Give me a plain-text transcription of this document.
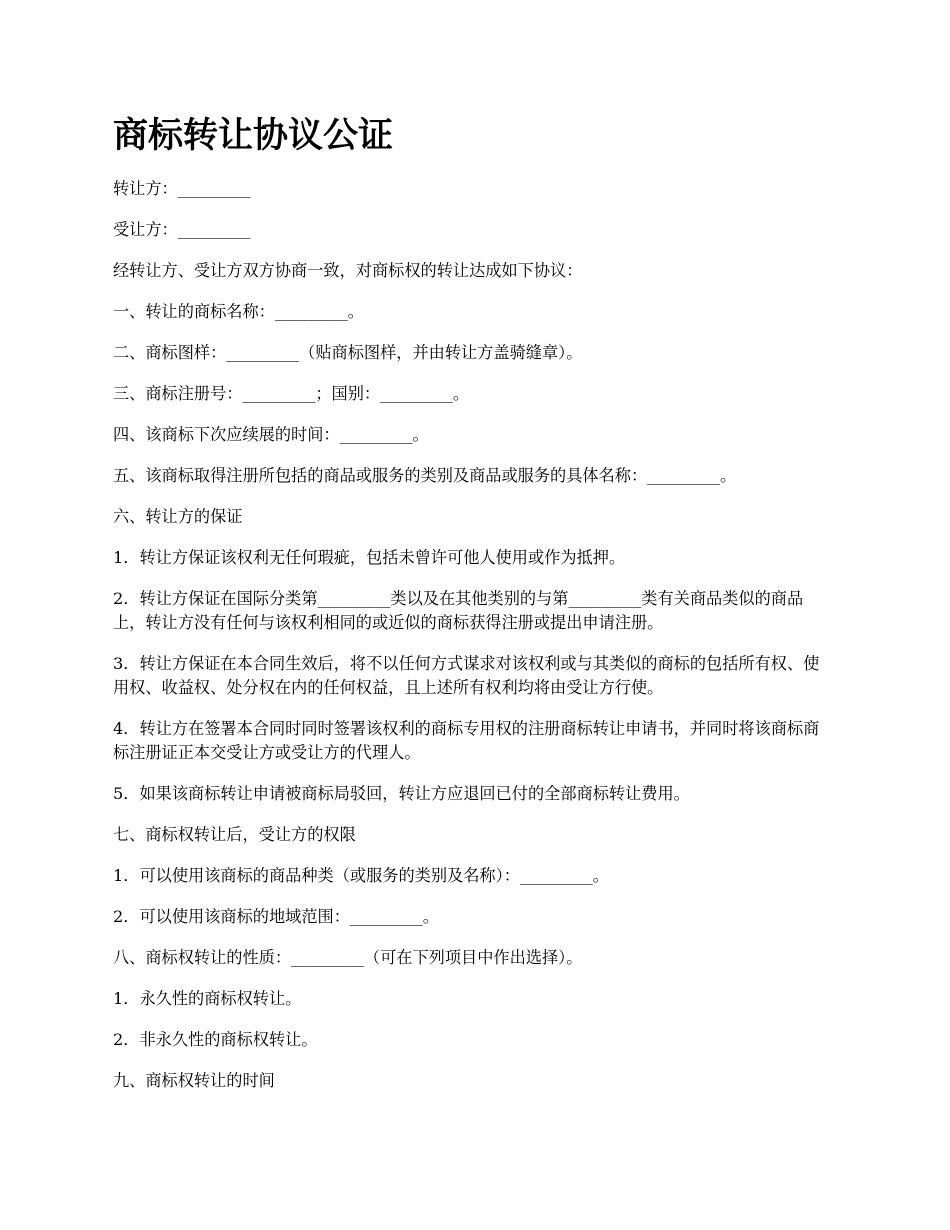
商标转让协议公证

转让方：_________

受让方：_________

经转让方、受让方双方协商一致，对商标权的转让达成如下协议：

一、转让的商标名称：_________。

二、商标图样：_________（贴商标图样，并由转让方盖骑缝章）。

三、商标注册号：_________；国别：_________。

四、该商标下次应续展的时间：_________。

五、该商标取得注册所包括的商品或服务的类别及商品或服务的具体名称：_________。

六、转让方的保证

1．转让方保证该权利无任何瑕疵，包括未曾许可他人使用或作为抵押。

2．转让方保证在国际分类第_________类以及在其他类别的与第_________类有关商品类似的商品上，转让方没有任何与该权利相同的或近似的商标获得注册或提出申请注册。

3．转让方保证在本合同生效后，将不以任何方式谋求对该权利或与其类似的商标的包括所有权、使用权、收益权、处分权在内的任何权益，且上述所有权利均将由受让方行使。

4．转让方在签署本合同时同时签署该权利的商标专用权的注册商标转让申请书，并同时将该商标商标注册证正本交受让方或受让方的代理人。

5．如果该商标转让申请被商标局驳回，转让方应退回已付的全部商标转让费用。

七、商标权转让后，受让方的权限

1．可以使用该商标的商品种类（或服务的类别及名称）：_________。

2．可以使用该商标的地域范围：_________。

八、商标权转让的性质：_________（可在下列项目中作出选择）。

1．永久性的商标权转让。

2．非永久性的商标权转让。

九、商标权转让的时间
